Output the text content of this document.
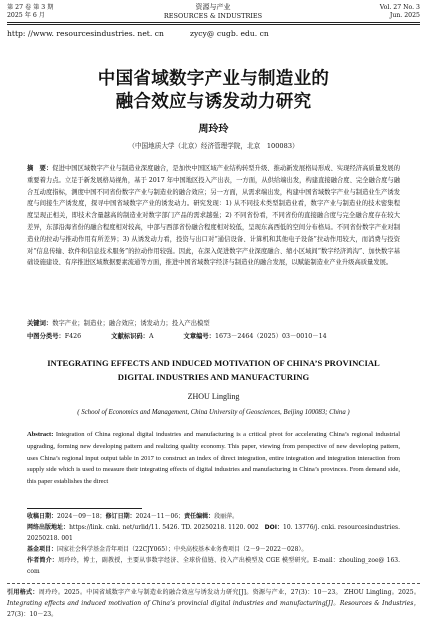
第 27 卷 第 3 期
2025 年 6 月
资源与产业
RESOURCES & INDUSTRIES
Vol. 27 No. 3
Jun. 2025
http: //www. resourcesindustries. net. cn	zycy@ cugb. edu. cn
中国省域数字产业与制造业的
融合效应与诱发动力研究
周玲玲
（中国地质大学（北京）经济管理学院，北京　100083）
摘　要：促进中国区域数字产业与制造业深度融合，是加快中国区域产业结构转型升级、推动新发展格局形成、实现经济高质量发展的重要着力点。立足于新发展格局视角，基于 2017 年中国地区投入产出表，一方面，从供给端出发，构建直接融合度、完全融合度与融合互动度指标，测度中国不同省份数字产业与制造业的融合效应；另一方面，从需求端出发，构建中国省域数字产业与制造业生产诱发度与间接生产诱发度，探寻中国省域数字产业的诱发动力。研究发现：1) 从不同技术类型制造业看，数字产业与制造业的技术密集程度呈现正相关，即技术含量越高的制造业对数字部门产品的需求越强；2) 不同省份看，不同省份的直接融合度与完全融合度存在较大差异，东部沿海省份的融合程度相对较高，中部与西部省份融合程度相对较低，呈现东高西低的空间分布格局。不同省份数字产业对制造业的拉动与推动作用有所差异；3) 从诱发动力看，投资与出口对“通信设备、计算机和其他电子设备”拉动作用较大，而消费与投资对“信息传输、软件和信息技术服务”的拉动作用较强。因此，在深入促进数字产业深度融合、缩小区域间“数字经济鸿沟”、加快数字基础设施建设、有序推进区域数据要素流通等方面，推进中国省域数字经济与制造业的融合发展，以赋能制造业产业升级高质量发展。
关键词：数字产业；制造业；融合效应；诱发动力；投入产出模型
中图分类号：F426	文献标识码：A	文章编号：1673－2464（2025）03－0010－14
INTEGRATING EFFECTS AND INDUCED MOTIVATION OF CHINA’S PROVINCIAL
DIGITAL INDUSTRIES AND MANUFACTURING
ZHOU Lingling
( School of Economics and Management, China University of Geosciences, Beijing 100083; China )
Abstract: Integration of China regional digital industries and manufacturing is a critical pivot for accelerating China’s regional industrial upgrading, forming new developing pattern and realizing quality economy. This paper, viewing from perspective of new developing pattern, uses China’s regional input output table in 2017 to construct an index of direct integration, entire integration and integration interaction from supply side which is used to measure their integrating effects of digital industries and manufacturing in China’s provinces. From demand side, this paper establishes the direct
收稿日期：2024－09－18；修订日期：2024－11－06；责任编辑：段丽萍。
网络出版地址：https://link. cnki. net/urlid/11. 5426. TD. 20250218. 1120. 002 DOI：10. 13776/j. cnki. resourcesindustries. 20250218. 001
基金项目：国家社会科学基金青年项目（22CJY065）；中央高校基本业务费项目（2－9－2022－028）。
作者简介：周玲玲，博士，副教授，主要从事数字经济、全球价值链、投入产出模型及 CGE 模型研究。E-mail：zhouling_zoe@ 163. com
引用格式：周玲玲。2025。中国省域数字产业与制造业的融合效应与诱发动力研究[J]。资源与产业，27(3)：10－23。 ZHOU Lingling。2025。 Integrating effects and induced motivation of China’s provincial digital industries and manufacturing[J]。Resources & Industries， 27(3)：10－23。
